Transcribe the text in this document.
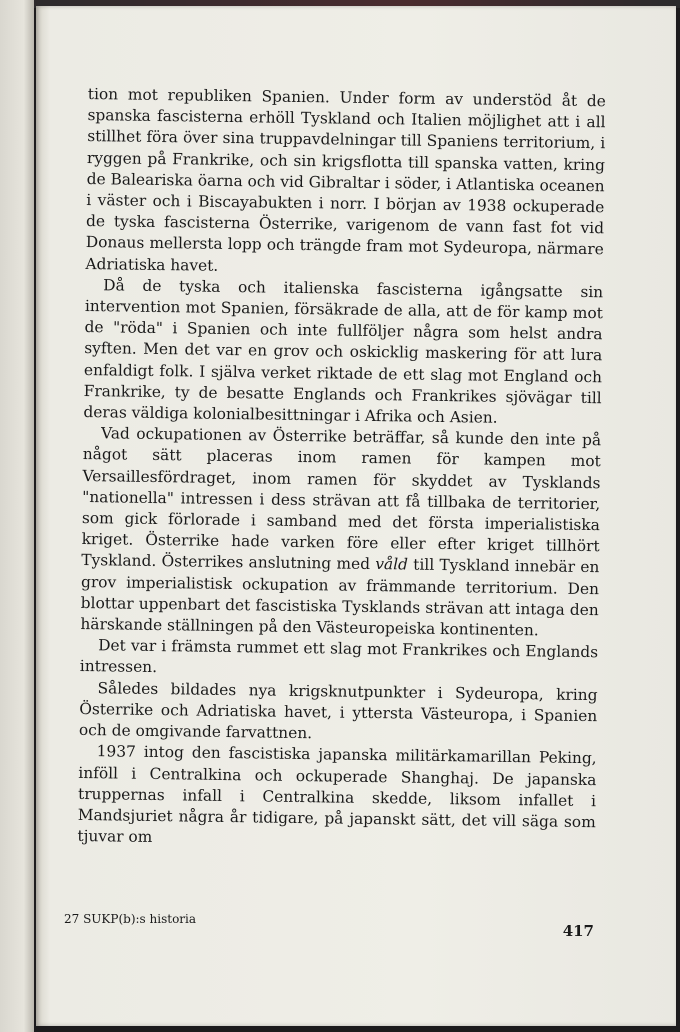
tion mot republiken Spanien. Under form av understöd åt de spanska fascisterna erhöll Tyskland och Italien möjlighet att i all stillhet föra över sina truppavdelningar till Spaniens territorium, i ryggen på Frankrike, och sin krigsflotta till spanska vatten, kring de Baleariska öarna och vid Gibraltar i söder, i Atlantiska oceanen i väster och i Biscayabukten i norr. I början av 1938 ockuperade de tyska fascisterna Österrike, varigenom de vann fast fot vid Donaus mellersta lopp och trängde fram mot Sydeuropa, närmare Adriatiska havet.

Då de tyska och italienska fascisterna igångsatte sin intervention mot Spanien, försäkrade de alla, att de för kamp mot de "röda" i Spanien och inte fullföljer några som helst andra syften. Men det var en grov och oskicklig maskering för att lura enfaldigt folk. I själva verket riktade de ett slag mot England och Frankrike, ty de besatte Englands och Frankrikes sjövägar till deras väldiga kolonialbesittningar i Afrika och Asien.

Vad ockupationen av Österrike beträffar, så kunde den inte på något sätt placeras inom ramen för kampen mot Versaillesfördraget, inom ramen för skyddet av Tysklands "nationella" intressen i dess strävan att få tillbaka de territorier, som gick förlorade i samband med det första imperialistiska kriget. Österrike hade varken före eller efter kriget tillhört Tyskland. Österrikes anslutning med våld till Tyskland innebär en grov imperialistisk ockupation av främmande territorium. Den blottar uppenbart det fascistiska Tysklands strävan att intaga den härskande ställningen på den Västeuropeiska kontinenten.

Det var i främsta rummet ett slag mot Frankrikes och Englands intressen.

Således bildades nya krigsknutpunkter i Sydeuropa, kring Österrike och Adriatiska havet, i yttersta Västeuropa, i Spanien och de omgivande farvattnen.

1937 intog den fascistiska japanska militärkamarillan Peking, inföll i Centralkina och ockuperade Shanghaj. De japanska truppernas infall i Centralkina skedde, liksom infallet i Mandsjuriet några år tidigare, på japanskt sätt, det vill säga som tjuvar om

27 SUKP(b):s historia
417
